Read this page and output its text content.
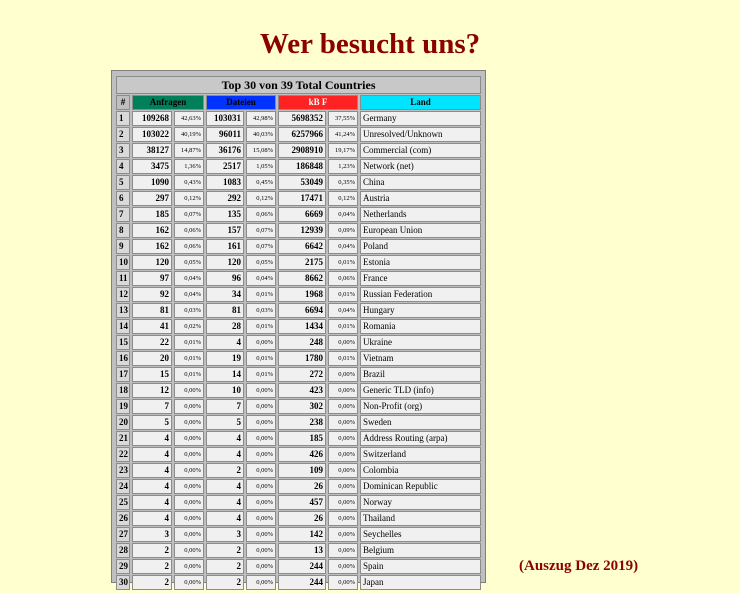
Wer besucht uns?
Top 30 von 39 Total Countries							
#	Anfragen		Dateien		kB F		Land
1	109268	42,63%	103031	42,98%	5698352	37,55%	Germany
2	103022	40,19%	96011	40,03%	6257966	41,24%	Unresolved/Unknown
3	38127	14,87%	36176	15,08%	2908910	19,17%	Commercial (com)
4	3475	1,36%	2517	1,05%	186848	1,23%	Network (net)
5	1090	0,43%	1083	0,45%	53049	0,35%	China
6	297	0,12%	292	0,12%	17471	0,12%	Austria
7	185	0,07%	135	0,06%	6669	0,04%	Netherlands
8	162	0,06%	157	0,07%	12939	0,09%	European Union
9	162	0,06%	161	0,07%	6642	0,04%	Poland
10	120	0,05%	120	0,05%	2175	0,01%	Estonia
11	97	0,04%	96	0,04%	8662	0,06%	France
12	92	0,04%	34	0,01%	1968	0,01%	Russian Federation
13	81	0,03%	81	0,03%	6694	0,04%	Hungary
14	41	0,02%	28	0,01%	1434	0,01%	Romania
15	22	0,01%	4	0,00%	248	0,00%	Ukraine
16	20	0,01%	19	0,01%	1780	0,01%	Vietnam
17	15	0,01%	14	0,01%	272	0,00%	Brazil
18	12	0,00%	10	0,00%	423	0,00%	Generic TLD (info)
19	7	0,00%	7	0,00%	302	0,00%	Non-Profit (org)
20	5	0,00%	5	0,00%	238	0,00%	Sweden
21	4	0,00%	4	0,00%	185	0,00%	Address Routing (arpa)
22	4	0,00%	4	0,00%	426	0,00%	Switzerland
23	4	0,00%	2	0,00%	109	0,00%	Colombia
24	4	0,00%	4	0,00%	26	0,00%	Dominican Republic
25	4	0,00%	4	0,00%	457	0,00%	Norway
26	4	0,00%	4	0,00%	26	0,00%	Thailand
27	3	0,00%	3	0,00%	142	0,00%	Seychelles
28	2	0,00%	2	0,00%	13	0,00%	Belgium
29	2	0,00%	2	0,00%	244	0,00%	Spain
30	2	0,00%	2	0,00%	244	0,00%	Japan

(Auszug Dez 2019)
